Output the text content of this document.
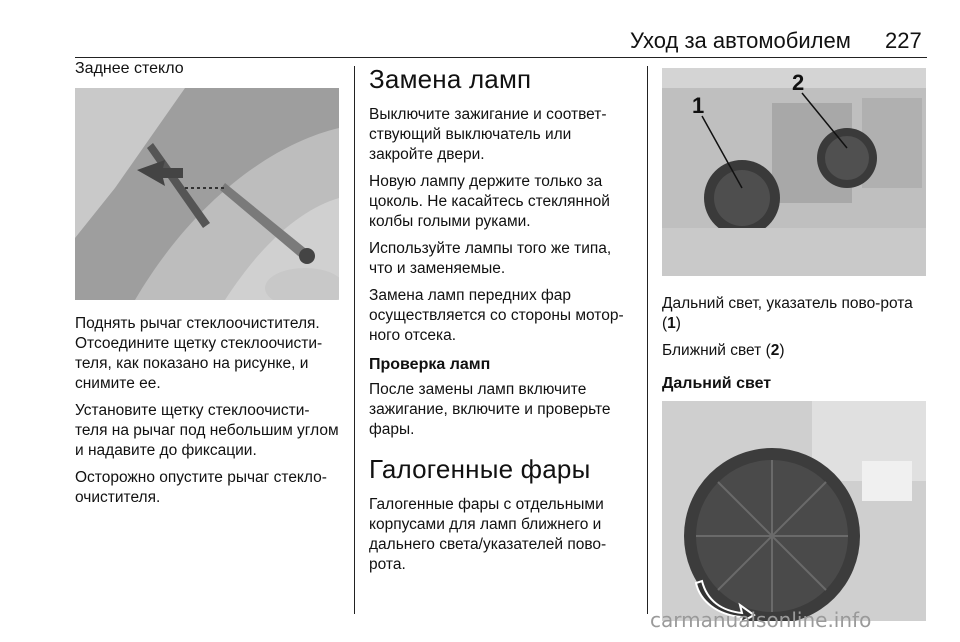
Уход за автомобилем 227
Заднее стекло

Поднять рычаг стеклоочистителя. Отсоедините щетку стеклоочисти-теля, как показано на рисунке, и снимите ее.

Установите щетку стеклоочисти-теля на рычаг под небольшим углом и надавите до фиксации.

Осторожно опустите рычаг стекло-очистителя.

Замена ламп

Выключите зажигание и соответ-ствующий выключатель или закройте двери.

Новую лампу держите только за цоколь. Не касайтесь стеклянной колбы голыми руками.

Используйте лампы того же типа, что и заменяемые.

Замена ламп передних фар осуществляется со стороны мотор-ного отсека.

Проверка ламп

После замены ламп включите зажигание, включите и проверьте фары.

Галогенные фары

Галогенные фары с отдельными корпусами для ламп ближнего и дальнего света/указателей пово-рота.

1
2

Дальний свет, указатель пово-рота (1)

Ближний свет (2)

Дальний свет
carmanualsonline.info
